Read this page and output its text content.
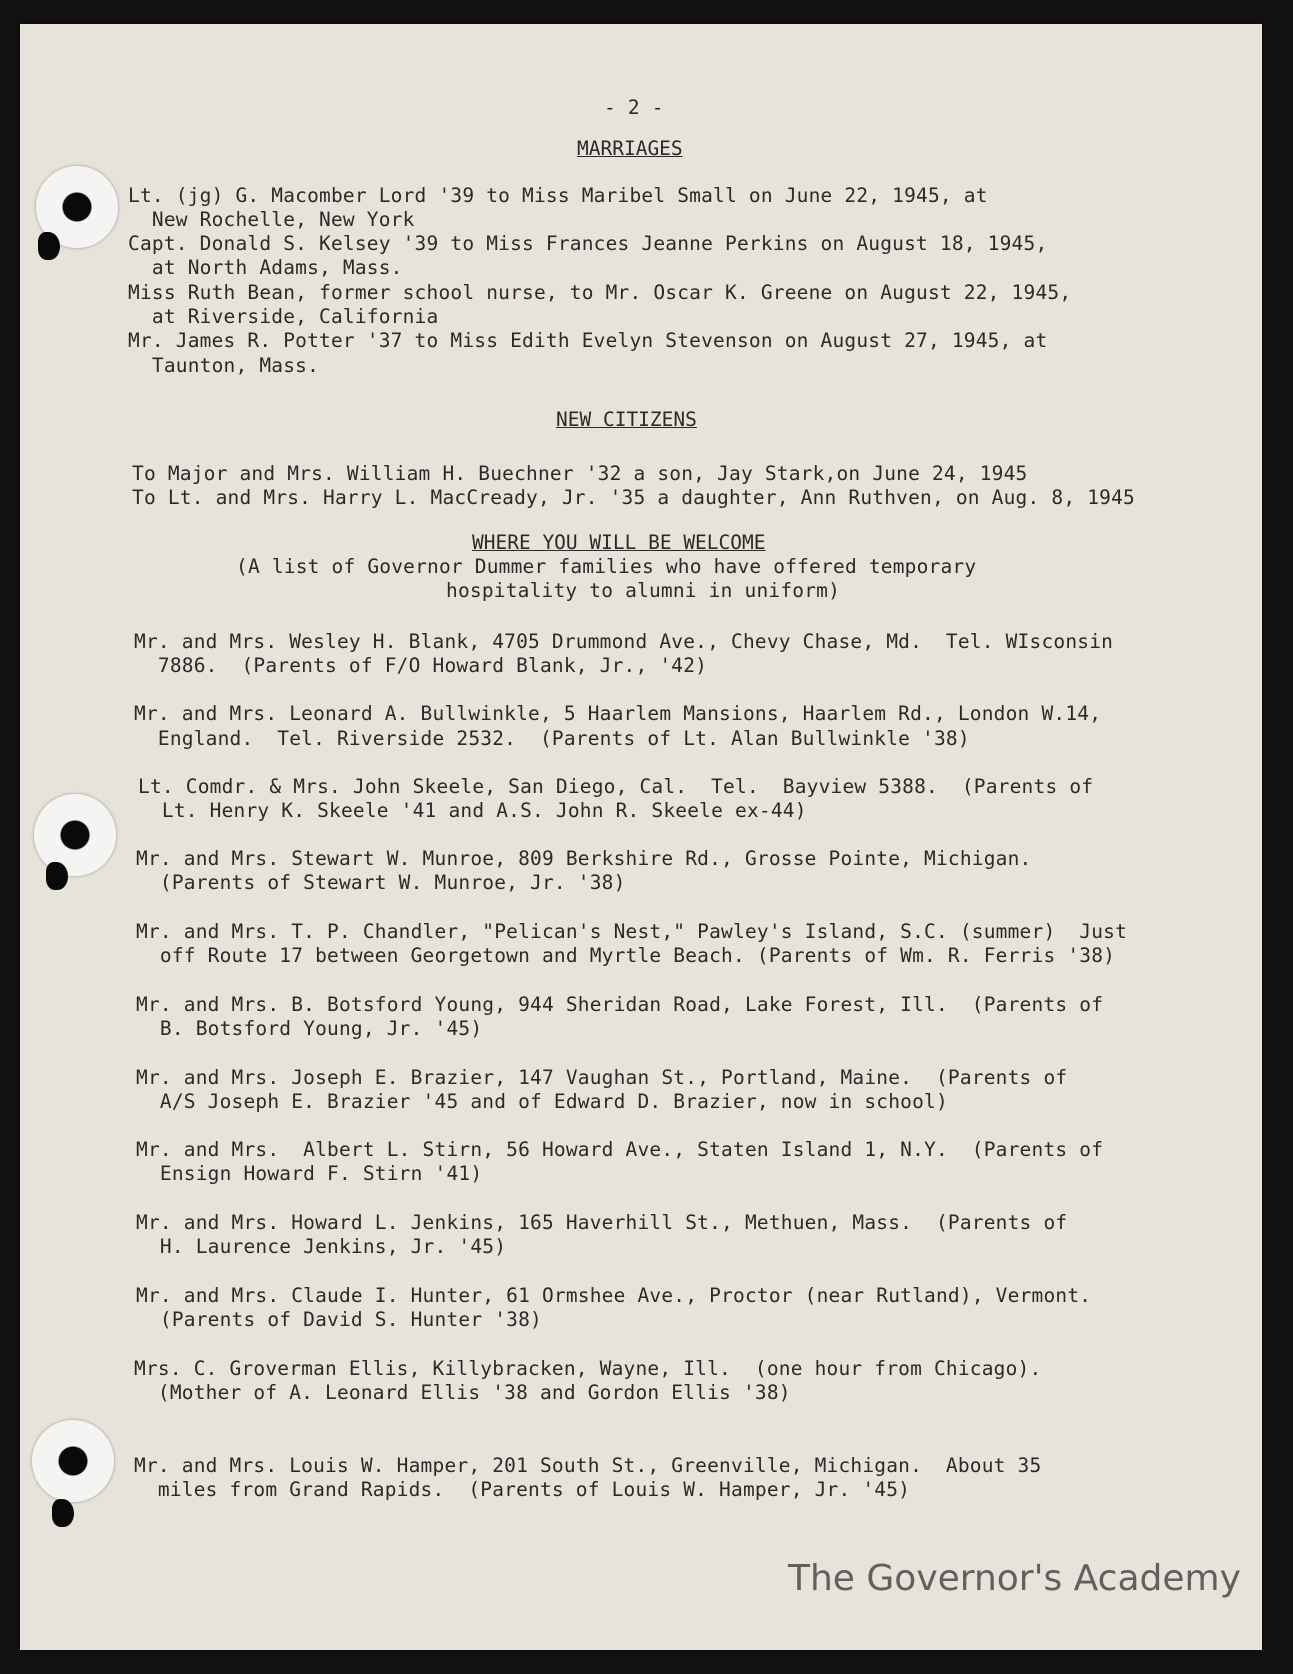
- 2 -
MARRIAGES
Lt. (jg) G. Macomber Lord '39 to Miss Maribel Small on June 22, 1945, at
New Rochelle, New York
Capt. Donald S. Kelsey '39 to Miss Frances Jeanne Perkins on August 18, 1945,
at North Adams, Mass.
Miss Ruth Bean, former school nurse, to Mr. Oscar K. Greene on August 22, 1945,
at Riverside, California
Mr. James R. Potter '37 to Miss Edith Evelyn Stevenson on August 27, 1945, at
Taunton, Mass.
NEW CITIZENS
To Major and Mrs. William H. Buechner '32 a son, Jay Stark,on June 24, 1945
To Lt. and Mrs. Harry L. MacCready, Jr. '35 a daughter, Ann Ruthven, on Aug. 8, 1945
WHERE YOU WILL BE WELCOME
(A list of Governor Dummer families who have offered temporary
hospitality to alumni in uniform)
Mr. and Mrs. Wesley H. Blank, 4705 Drummond Ave., Chevy Chase, Md.  Tel. WIsconsin
7886.  (Parents of F/O Howard Blank, Jr., '42)
Mr. and Mrs. Leonard A. Bullwinkle, 5 Haarlem Mansions, Haarlem Rd., London W.14,
England.  Tel. Riverside 2532.  (Parents of Lt. Alan Bullwinkle '38)
Lt. Comdr. & Mrs. John Skeele, San Diego, Cal.  Tel.  Bayview 5388.  (Parents of
Lt. Henry K. Skeele '41 and A.S. John R. Skeele ex-44)
Mr. and Mrs. Stewart W. Munroe, 809 Berkshire Rd., Grosse Pointe, Michigan.
(Parents of Stewart W. Munroe, Jr. '38)
Mr. and Mrs. T. P. Chandler, "Pelican's Nest," Pawley's Island, S.C. (summer)  Just
off Route 17 between Georgetown and Myrtle Beach. (Parents of Wm. R. Ferris '38)
Mr. and Mrs. B. Botsford Young, 944 Sheridan Road, Lake Forest, Ill.  (Parents of
B. Botsford Young, Jr. '45)
Mr. and Mrs. Joseph E. Brazier, 147 Vaughan St., Portland, Maine.  (Parents of
A/S Joseph E. Brazier '45 and of Edward D. Brazier, now in school)
Mr. and Mrs.  Albert L. Stirn, 56 Howard Ave., Staten Island 1, N.Y.  (Parents of
Ensign Howard F. Stirn '41)
Mr. and Mrs. Howard L. Jenkins, 165 Haverhill St., Methuen, Mass.  (Parents of
H. Laurence Jenkins, Jr. '45)
Mr. and Mrs. Claude I. Hunter, 61 Ormshee Ave., Proctor (near Rutland), Vermont.
(Parents of David S. Hunter '38)
Mrs. C. Groverman Ellis, Killybracken, Wayne, Ill.  (one hour from Chicago).
(Mother of A. Leonard Ellis '38 and Gordon Ellis '38)
Mr. and Mrs. Louis W. Hamper, 201 South St., Greenville, Michigan.  About 35
miles from Grand Rapids.  (Parents of Louis W. Hamper, Jr. '45)
The Governor's Academy
